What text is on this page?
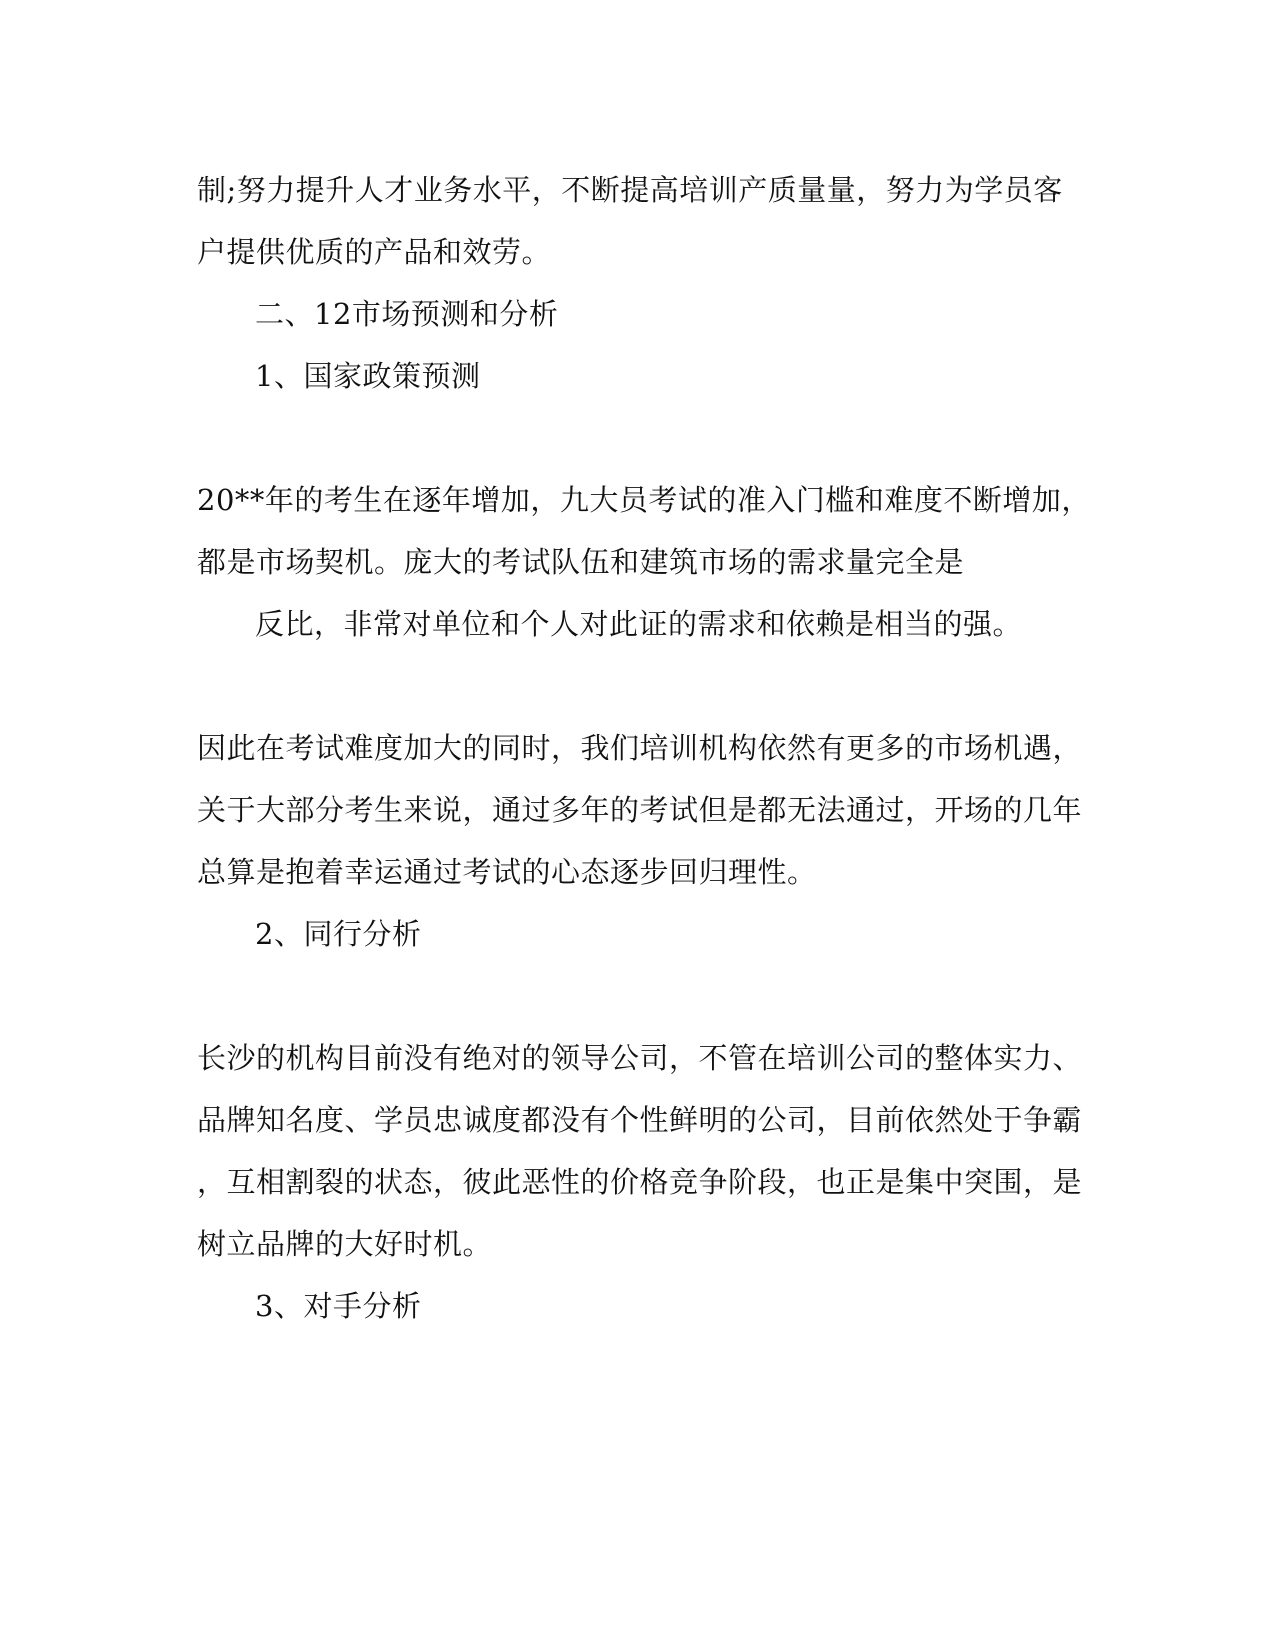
制;努力提升人才业务水平，不断提高培训产质量量，努力为学员客
户提供优质的产品和效劳。
二、12市场预测和分析
1、国家政策预测
20**年的考生在逐年增加，九大员考试的准入门槛和难度不断增加，
都是市场契机。庞大的考试队伍和建筑市场的需求量完全是
反比，非常对单位和个人对此证的需求和依赖是相当的强。
因此在考试难度加大的同时，我们培训机构依然有更多的市场机遇，
关于大部分考生来说，通过多年的考试但是都无法通过，开场的几年
总算是抱着幸运通过考试的心态逐步回归理性。
2、同行分析
长沙的机构目前没有绝对的领导公司，不管在培训公司的整体实力、
品牌知名度、学员忠诚度都没有个性鲜明的公司，目前依然处于争霸
，互相割裂的状态，彼此恶性的价格竞争阶段，也正是集中突围，是
树立品牌的大好时机。
3、对手分析
